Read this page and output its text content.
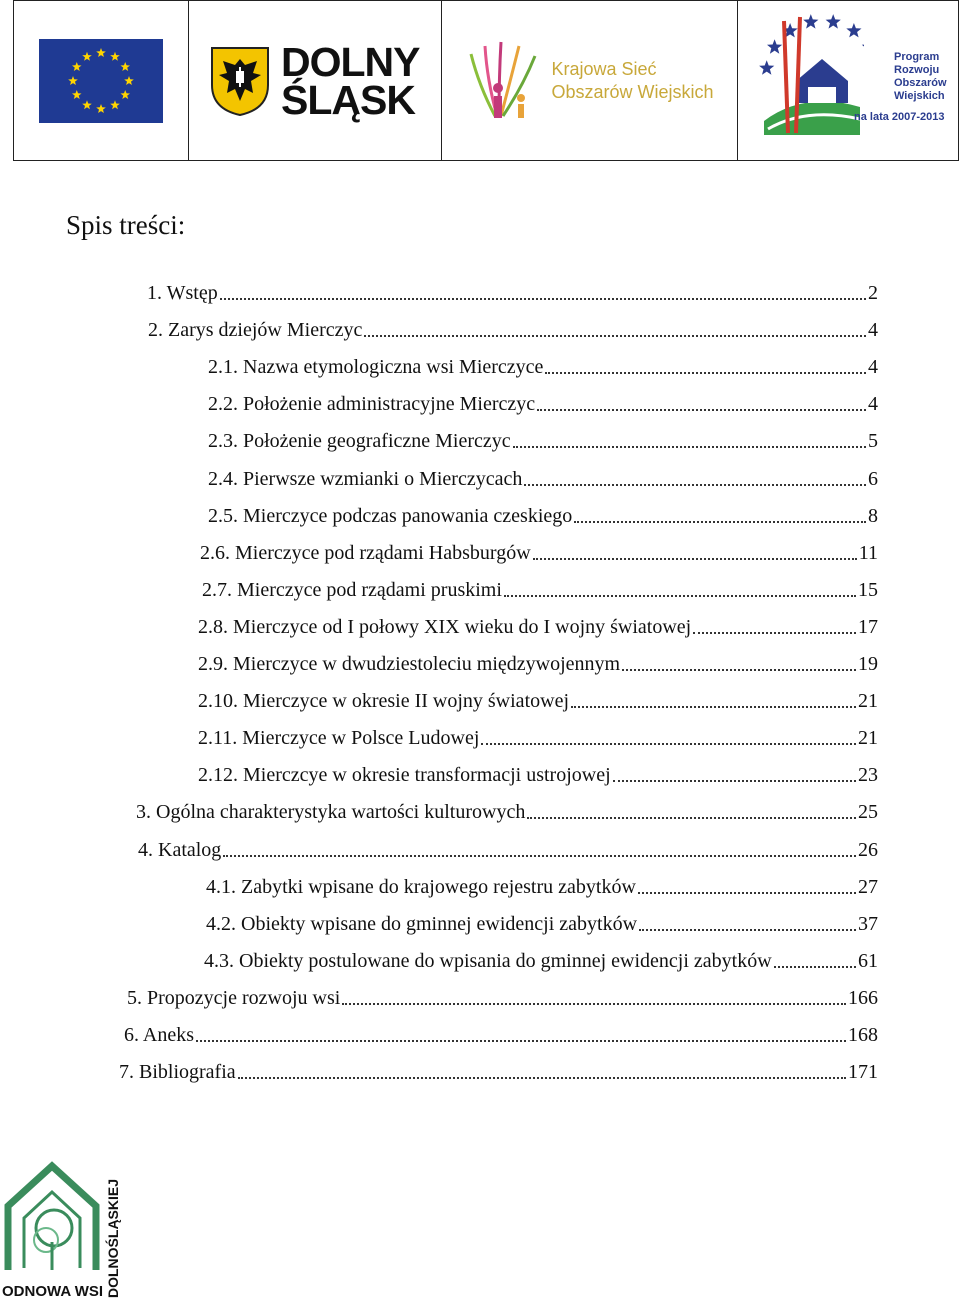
DOLNY ŚLĄSK
Krajowa Sieć
Obszarów Wiejskich
Program
Rozwoju
Obszarów
Wiejskich
na lata 2007-2013
Spis treści:
1. Wstęp	2
2. Zarys dziejów Mierczyc	4
2.1. Nazwa etymologiczna wsi Mierczyce	4
2.2. Położenie administracyjne Mierczyc	4
2.3. Położenie geograficzne Mierczyc	5
2.4. Pierwsze wzmianki o Mierczycach	6
2.5. Mierczyce podczas panowania czeskiego	8
2.6. Mierczyce pod rządami Habsburgów	11
2.7. Mierczyce pod rządami pruskimi	15
2.8. Mierczyce od I połowy XIX wieku do I wojny światowej	17
2.9. Mierczyce w dwudziestoleciu międzywojennym	19
2.10. Mierczyce w okresie II wojny światowej	21
2.11. Mierczyce w Polsce Ludowej	21
2.12. Mierczcye w okresie transformacji ustrojowej	23
3. Ogólna charakterystyka wartości kulturowych	25
4. Katalog	26
4.1. Zabytki wpisane do krajowego rejestru zabytków	27
4.2. Obiekty wpisane do gminnej ewidencji zabytków	37
4.3. Obiekty postulowane do wpisania do gminnej ewidencji zabytków	61
5. Propozycje rozwoju wsi	166
6. Aneks	168
7. Bibliografia	171
ODNOWA WSI DOLNOŚLĄSKIEJ
